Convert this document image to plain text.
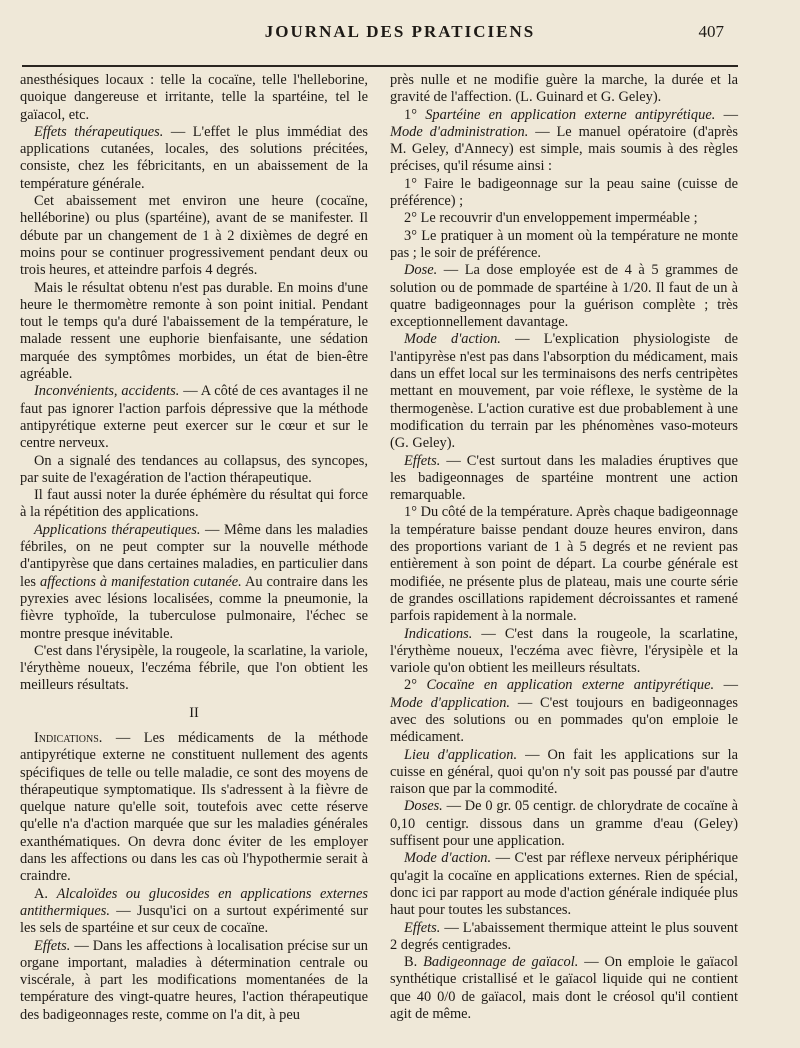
JOURNAL DES PRATICIENS	407

anesthésiques locaux : telle la cocaïne, telle l'helleborine, quoique dangereuse et irritante, telle la spartéine, tel le gaïacol, etc.

Effets thérapeutiques. — L'effet le plus immédiat des applications cutanées, locales, des solutions précitées, consiste, chez les fébricitants, en un abaissement de la température générale.

Cet abaissement met environ une heure (cocaïne, helléborine) ou plus (spartéine), avant de se manifester. Il débute par un changement de 1 à 2 dixièmes de degré en moins pour se continuer progressivement pendant deux ou trois heures, et atteindre parfois 4 degrés.

Mais le résultat obtenu n'est pas durable. En moins d'une heure le thermomètre remonte à son point initial. Pendant tout le temps qu'a duré l'abaissement de la température, le malade ressent une euphorie bienfaisante, une sédation marquée des symptômes morbides, un état de bien-être agréable.

Inconvénients, accidents. — A côté de ces avantages il ne faut pas ignorer l'action parfois dépressive que la méthode antipyrétique externe peut exercer sur le cœur et sur le centre nerveux.

On a signalé des tendances au collapsus, des syncopes, par suite de l'exagération de l'action thérapeutique.

Il faut aussi noter la durée éphémère du résultat qui force à la répétition des applications.

Applications thérapeutiques. — Même dans les maladies fébriles, on ne peut compter sur la nouvelle méthode d'antipyrèse que dans certaines maladies, en particulier dans les affections à manifestation cutanée. Au contraire dans les pyrexies avec lésions localisées, comme la pneumonie, la fièvre typhoïde, la tuberculose pulmonaire, l'échec se montre presque inévitable.

C'est dans l'érysipèle, la rougeole, la scarlatine, la variole, l'érythème noueux, l'eczéma fébrile, que l'on obtient les meilleurs résultats.

II

Indications. — Les médicaments de la méthode antipyrétique externe ne constituent nullement des agents spécifiques de telle ou telle maladie, ce sont des moyens de thérapeutique symptomatique. Ils s'adressent à la fièvre de quelque nature qu'elle soit, toutefois avec cette réserve qu'elle n'a d'action marquée que sur les maladies générales exanthématiques. On devra donc éviter de les employer dans les affections ou dans les cas où l'hypothermie serait à craindre.

A. Alcaloïdes ou glucosides en applications externes antithermiques. — Jusqu'ici on a surtout expérimenté sur les sels de spartéine et sur ceux de cocaïne.

Effets. — Dans les affections à localisation précise sur un organe important, maladies à détermination centrale ou viscérale, à part les modifications momentanées de la température des vingt-quatre heures, l'action thérapeutique des badigeonnages reste, comme on l'a dit, à peu

près nulle et ne modifie guère la marche, la durée et la gravité de l'affection. (L. Guinard et G. Geley).

1° Spartéine en application externe antipyrétique. — Mode d'administration. — Le manuel opératoire (d'après M. Geley, d'Annecy) est simple, mais soumis à des règles précises, qu'il résume ainsi :

1° Faire le badigeonnage sur la peau saine (cuisse de préférence) ;

2° Le recouvrir d'un enveloppement imperméable ;

3° Le pratiquer à un moment où la température ne monte pas ; le soir de préférence.

Dose. — La dose employée est de 4 à 5 grammes de solution ou de pommade de spartéine à 1/20. Il faut de un à quatre badigeonnages pour la guérison complète ; très exceptionnellement davantage.

Mode d'action. — L'explication physiologiste de l'antipyrèse n'est pas dans l'absorption du médicament, mais dans un effet local sur les terminaisons des nerfs centripètes mettant en mouvement, par voie réflexe, le système de la thermogenèse. L'action curative est due probablement à une modification du terrain par les phénomènes vaso-moteurs (G. Geley).

Effets. — C'est surtout dans les maladies éruptives que les badigeonnages de spartéine montrent une action remarquable.

1° Du côté de la température. Après chaque badigeonnage la température baisse pendant douze heures environ, dans des proportions variant de 1 à 5 degrés et ne revient pas entièrement à son point de départ. La courbe générale est modifiée, ne présente plus de plateau, mais une courte série de grandes oscillations rapidement décroissantes et ramené parfois rapidement à la normale.

Indications. — C'est dans la rougeole, la scarlatine, l'érythème noueux, l'eczéma avec fièvre, l'érysipèle et la variole qu'on obtient les meilleurs résultats.

2° Cocaïne en application externe antipyrétique. — Mode d'application. — C'est toujours en badigeonnages avec des solutions ou en pommades qu'on emploie le médicament.

Lieu d'application. — On fait les applications sur la cuisse en général, quoi qu'on n'y soit pas poussé par d'autre raison que par la commodité.

Doses. — De 0 gr. 05 centigr. de chlorydrate de cocaïne à 0,10 centigr. dissous dans un gramme d'eau (Geley) suffisent pour une application.

Mode d'action. — C'est par réflexe nerveux périphérique qu'agit la cocaïne en applications externes. Rien de spécial, donc ici par rapport au mode d'action générale indiquée plus haut pour toutes les substances.

Effets. — L'abaissement thermique atteint le plus souvent 2 degrés centigrades.

B. Badigeonnage de gaïacol. — On emploie le gaïacol synthétique cristallisé et le gaïacol liquide qui ne contient que 40 0/0 de gaïacol, mais dont le créosol qu'il contient agit de même.
